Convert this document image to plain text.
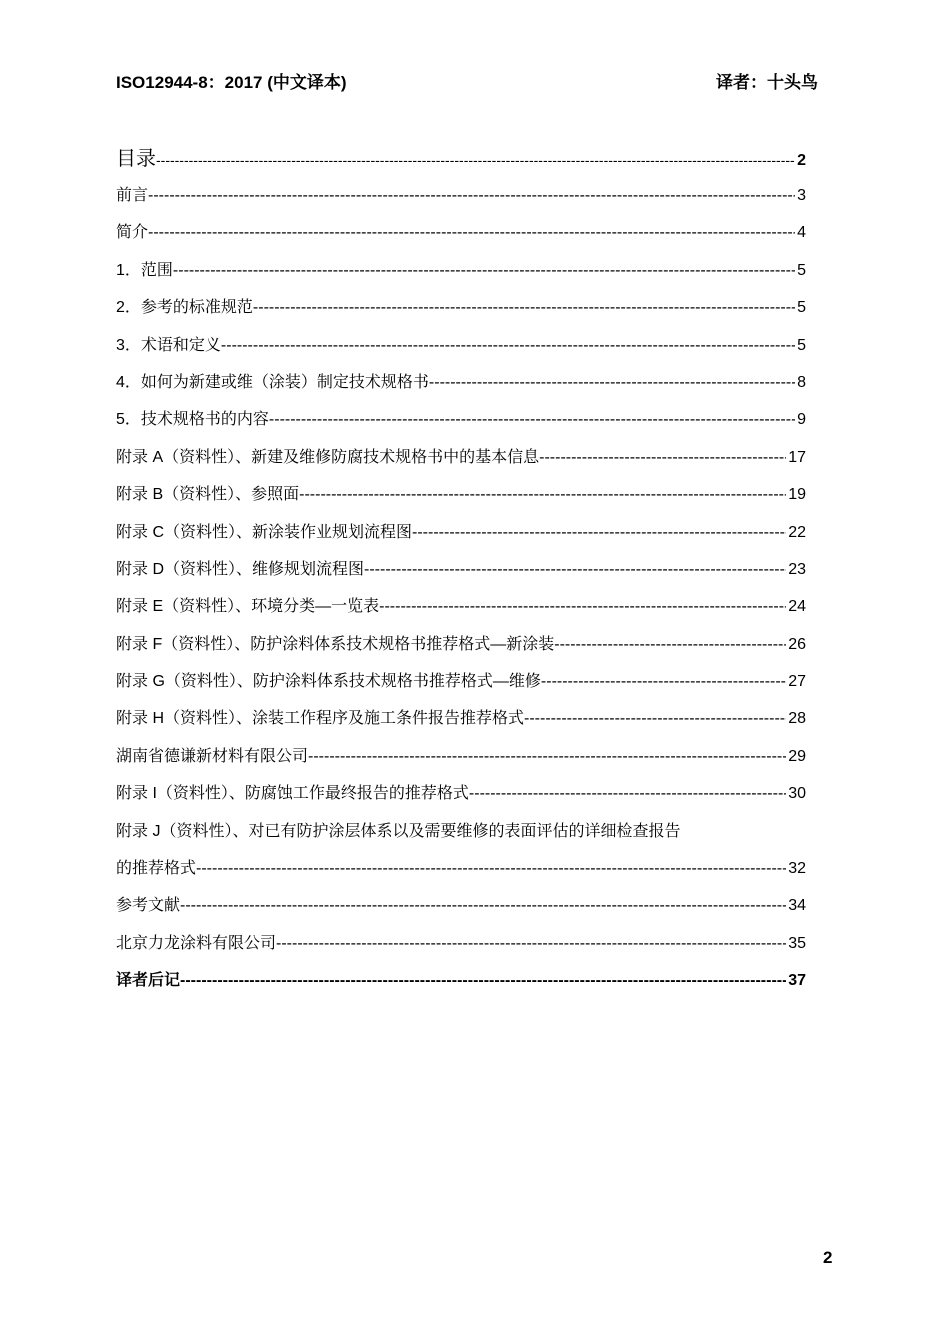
ISO12944-8：2017 (中文译本)	译者：十头鸟
目录 -----	2
前言 -----	3
简介 -----	4
1．范围 -----	5
2．参考的标准规范 -----	5
3．术语和定义 -----	5
4．如何为新建或维（涂装）制定技术规格书 -----	8
5．技术规格书的内容 -----	9
附录 A（资料性）、新建及维修防腐技术规格书中的基本信息 -----	17
附录 B（资料性）、参照面 -----	19
附录 C（资料性）、新涂装作业规划流程图 -----	22
附录 D（资料性）、维修规划流程图 -----	23
附录 E（资料性）、环境分类—一览表 -----	24
附录 F（资料性）、防护涂料体系技术规格书推荐格式—新涂装 -----	26
附录 G（资料性）、防护涂料体系技术规格书推荐格式—维修 -----	27
附录 H（资料性）、涂装工作程序及施工条件报告推荐格式 -----	28
湖南省德谦新材料有限公司 -----	29
附录 I（资料性）、防腐蚀工作最终报告的推荐格式 -----	30
附录 J（资料性）、对已有防护涂层体系以及需要维修的表面评估的详细检查报告
的推荐格式 -----	32
参考文献 -----	34
北京力龙涂料有限公司 -----	35
译者后记 -----	37
2
